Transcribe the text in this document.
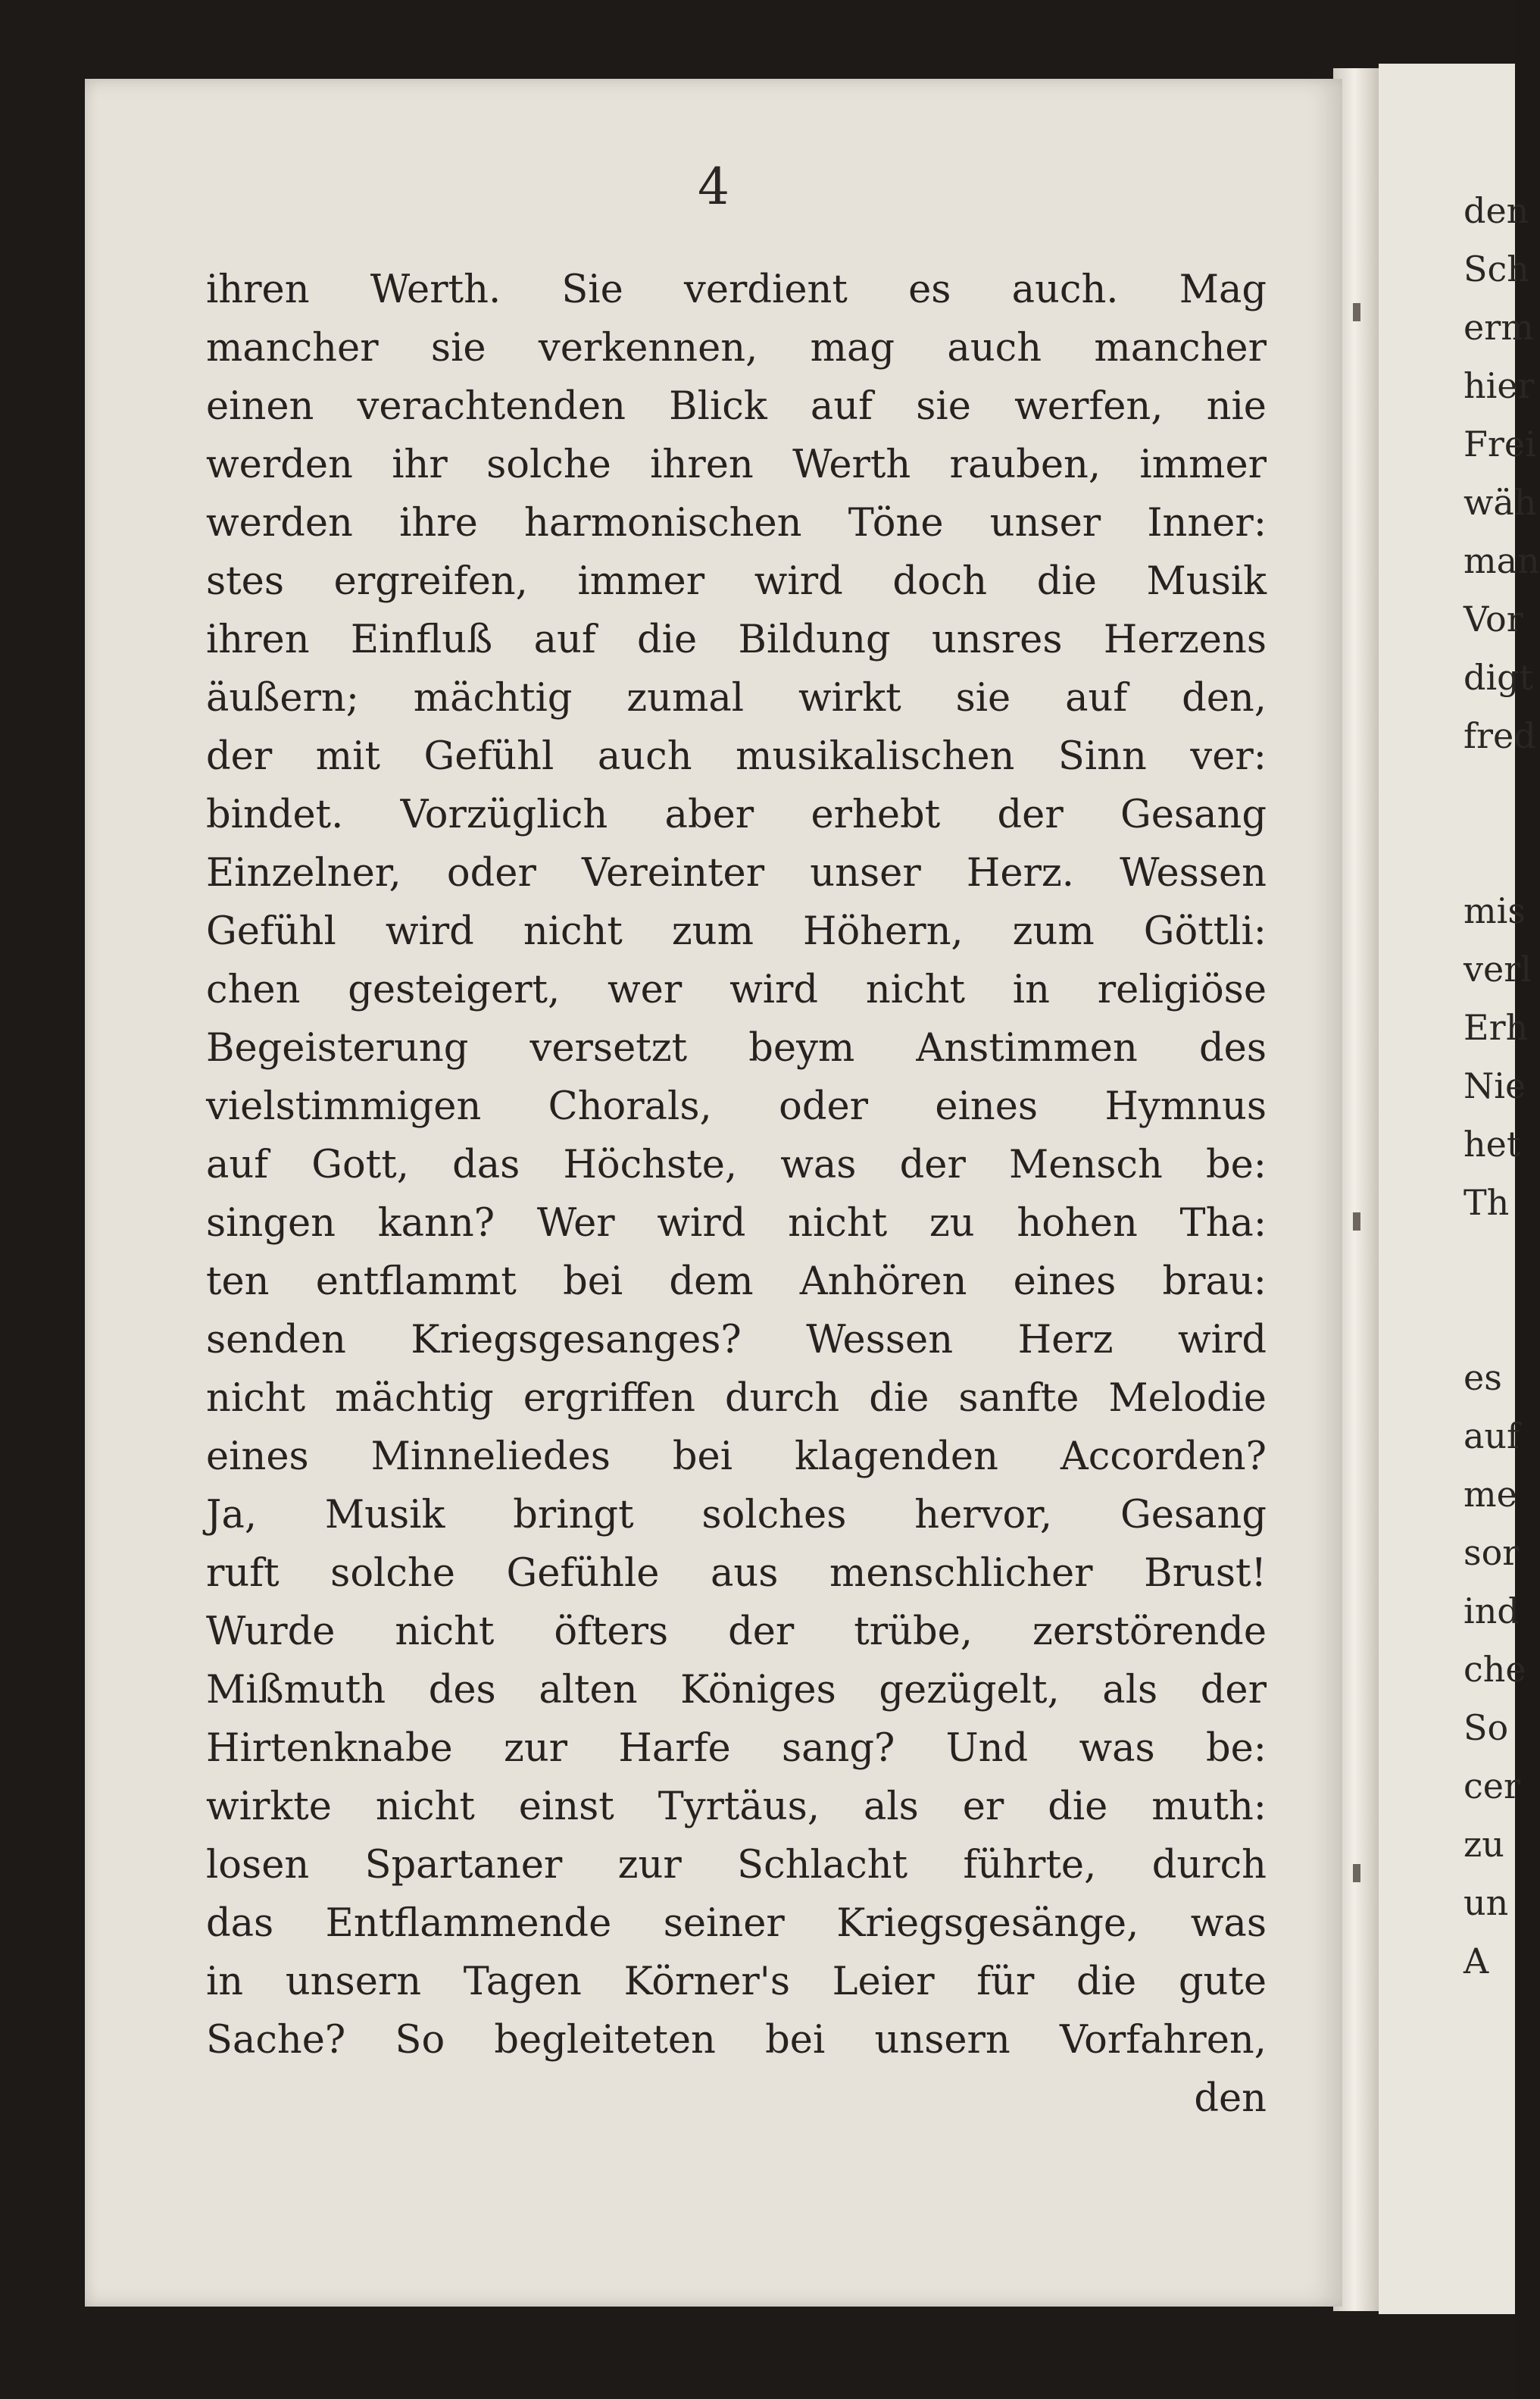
4
ihren Werth. Sie verdient es auch. Mag
mancher sie verkennen, mag auch mancher
einen verachtenden Blick auf sie werfen, nie
werden ihr solche ihren Werth rauben, immer
werden ihre harmonischen Töne unser Inner:
stes ergreifen, immer wird doch die Musik
ihren Einfluß auf die Bildung unsres Herzens
äußern; mächtig zumal wirkt sie auf den,
der mit Gefühl auch musikalischen Sinn ver:
bindet. Vorzüglich aber erhebt der Gesang
Einzelner, oder Vereinter unser Herz. Wessen
Gefühl wird nicht zum Höhern, zum Göttli:
chen gesteigert, wer wird nicht in religiöse
Begeisterung versetzt beym Anstimmen des
vielstimmigen Chorals, oder eines Hymnus
auf Gott, das Höchste, was der Mensch be:
singen kann? Wer wird nicht zu hohen Tha:
ten entflammt bei dem Anhören eines brau:
senden Kriegsgesanges? Wessen Herz wird
nicht mächtig ergriffen durch die sanfte Melodie
eines Minneliedes bei klagenden Accorden?
Ja, Musik bringt solches hervor, Gesang
ruft solche Gefühle aus menschlicher Brust!
Wurde nicht öfters der trübe, zerstörende
Mißmuth des alten Königes gezügelt, als der
Hirtenknabe zur Harfe sang? Und was be:
wirkte nicht einst Tyrtäus, als er die muth:
losen Spartaner zur Schlacht führte, durch
das Entflammende seiner Kriegsgesänge, was
in unsern Tagen Körner's Leier für die gute
Sache? So begleiteten bei unsern Vorfahren,
den
den
Sch
erm
hier
Frei
wäh
man
Vor
digt
fred
mis
verl
Erh
Nie
het
Th
es
auf
me
sor
ind
che
So
cer
zu
un
A
